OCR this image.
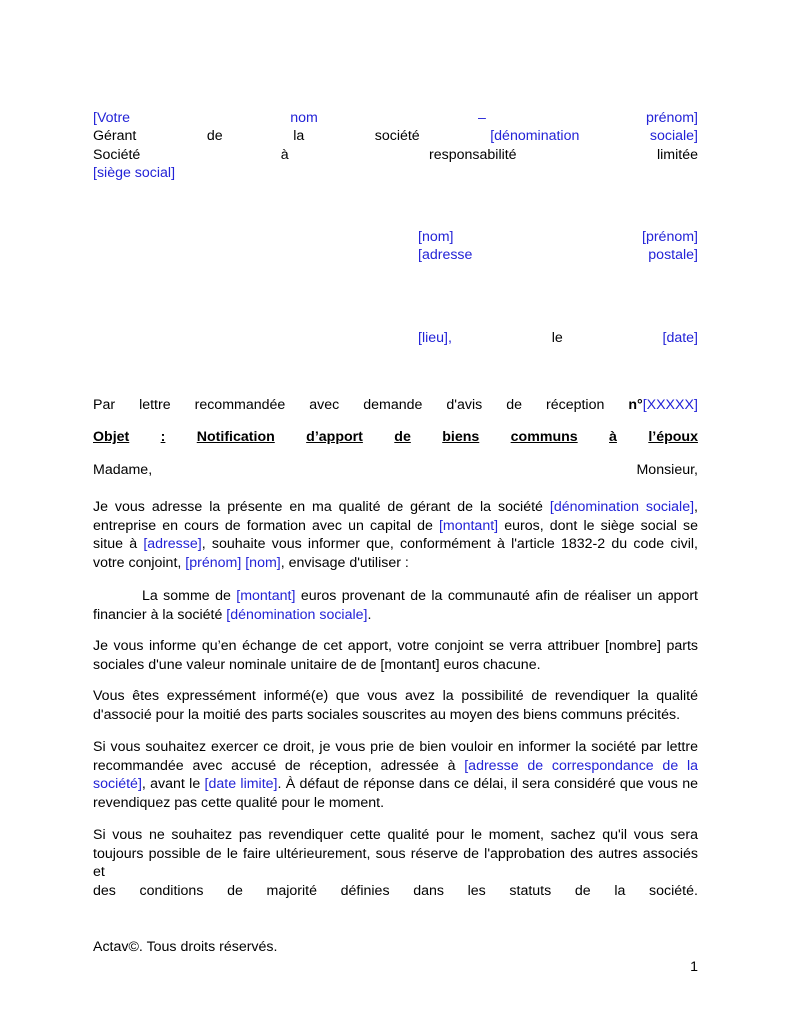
[Votre	nom	–	prénom]
Gérant	de	la	société	[dénomination	sociale]
Société	à	responsabilité	limitée
[siège social]
[nom]	[prénom]
[adresse	postale]
[lieu],	le	[date]
Par lettre recommandée avec demande d'avis de réception n°[XXXXX]
Objet : Notification d’apport de biens communs à l’époux
Madame,	Monsieur,
Je vous adresse la présente en ma qualité de gérant de la société [dénomination sociale], entreprise en cours de formation avec un capital de [montant] euros, dont le siège social se situe à [adresse], souhaite vous informer que, conformément à l'article 1832-2 du code civil, votre conjoint, [prénom] [nom], envisage d'utiliser :
La somme de [montant] euros provenant de la communauté afin de réaliser un apport financier à la société [dénomination sociale].
Je vous informe qu’en échange de cet apport, votre conjoint se verra attribuer [nombre] parts sociales d'une valeur nominale unitaire de de [montant] euros chacune.
Vous êtes expressément informé(e) que vous avez la possibilité de revendiquer la qualité d'associé pour la moitié des parts sociales souscrites au moyen des biens communs précités.
Si vous souhaitez exercer ce droit, je vous prie de bien vouloir en informer la société par lettre recommandée avec accusé de réception, adressée à [adresse de correspondance de la société], avant le [date limite]. À défaut de réponse dans ce délai, il sera considéré que vous ne revendiquez pas cette qualité pour le moment.
Si vous ne souhaitez pas revendiquer cette qualité pour le moment, sachez qu'il vous sera toujours possible de le faire ultérieurement, sous réserve de l'approbation des autres associés et
des conditions de majorité définies dans les statuts de la société.
Actav©. Tous droits réservés.
1
